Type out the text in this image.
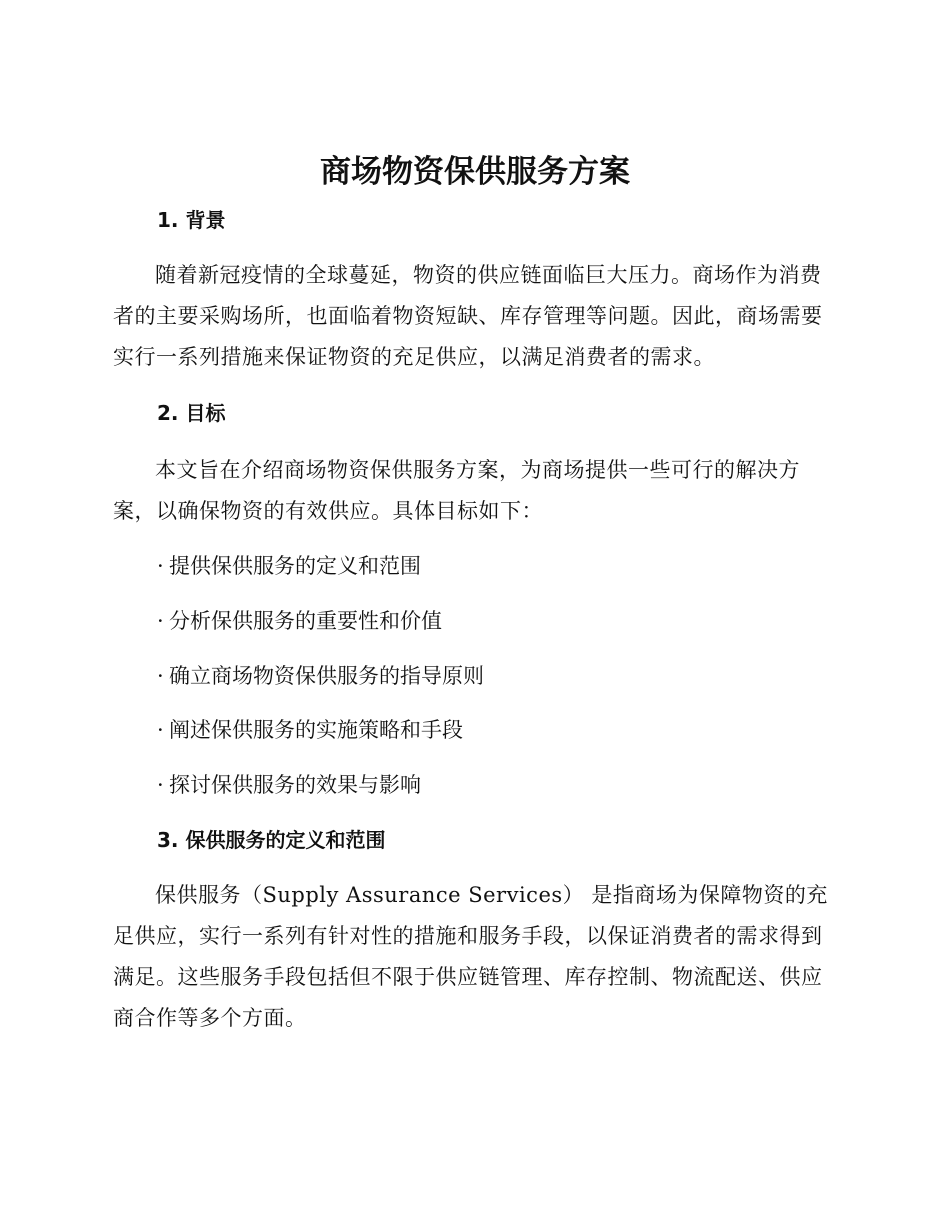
商场物资保供服务方案
1. 背景

随着新冠疫情的全球蔓延，物资的供应链面临巨大压力。商场作为消费者的主要采购场所，也面临着物资短缺、库存管理等问题。因此，商场需要实行一系列措施来保证物资的充足供应，以满足消费者的需求。

2. 目标

本文旨在介绍商场物资保供服务方案，为商场提供一些可行的解决方案，以确保物资的有效供应。具体目标如下：

· 提供保供服务的定义和范围
· 分析保供服务的重要性和价值
· 确立商场物资保供服务的指导原则
· 阐述保供服务的实施策略和手段
· 探讨保供服务的效果与影响
3. 保供服务的定义和范围

保供服务（Supply Assurance Services） 是指商场为保障物资的充足供应，实行一系列有针对性的措施和服务手段，以保证消费者的需求得到满足。这些服务手段包括但不限于供应链管理、库存控制、物流配送、供应商合作等多个方面。
